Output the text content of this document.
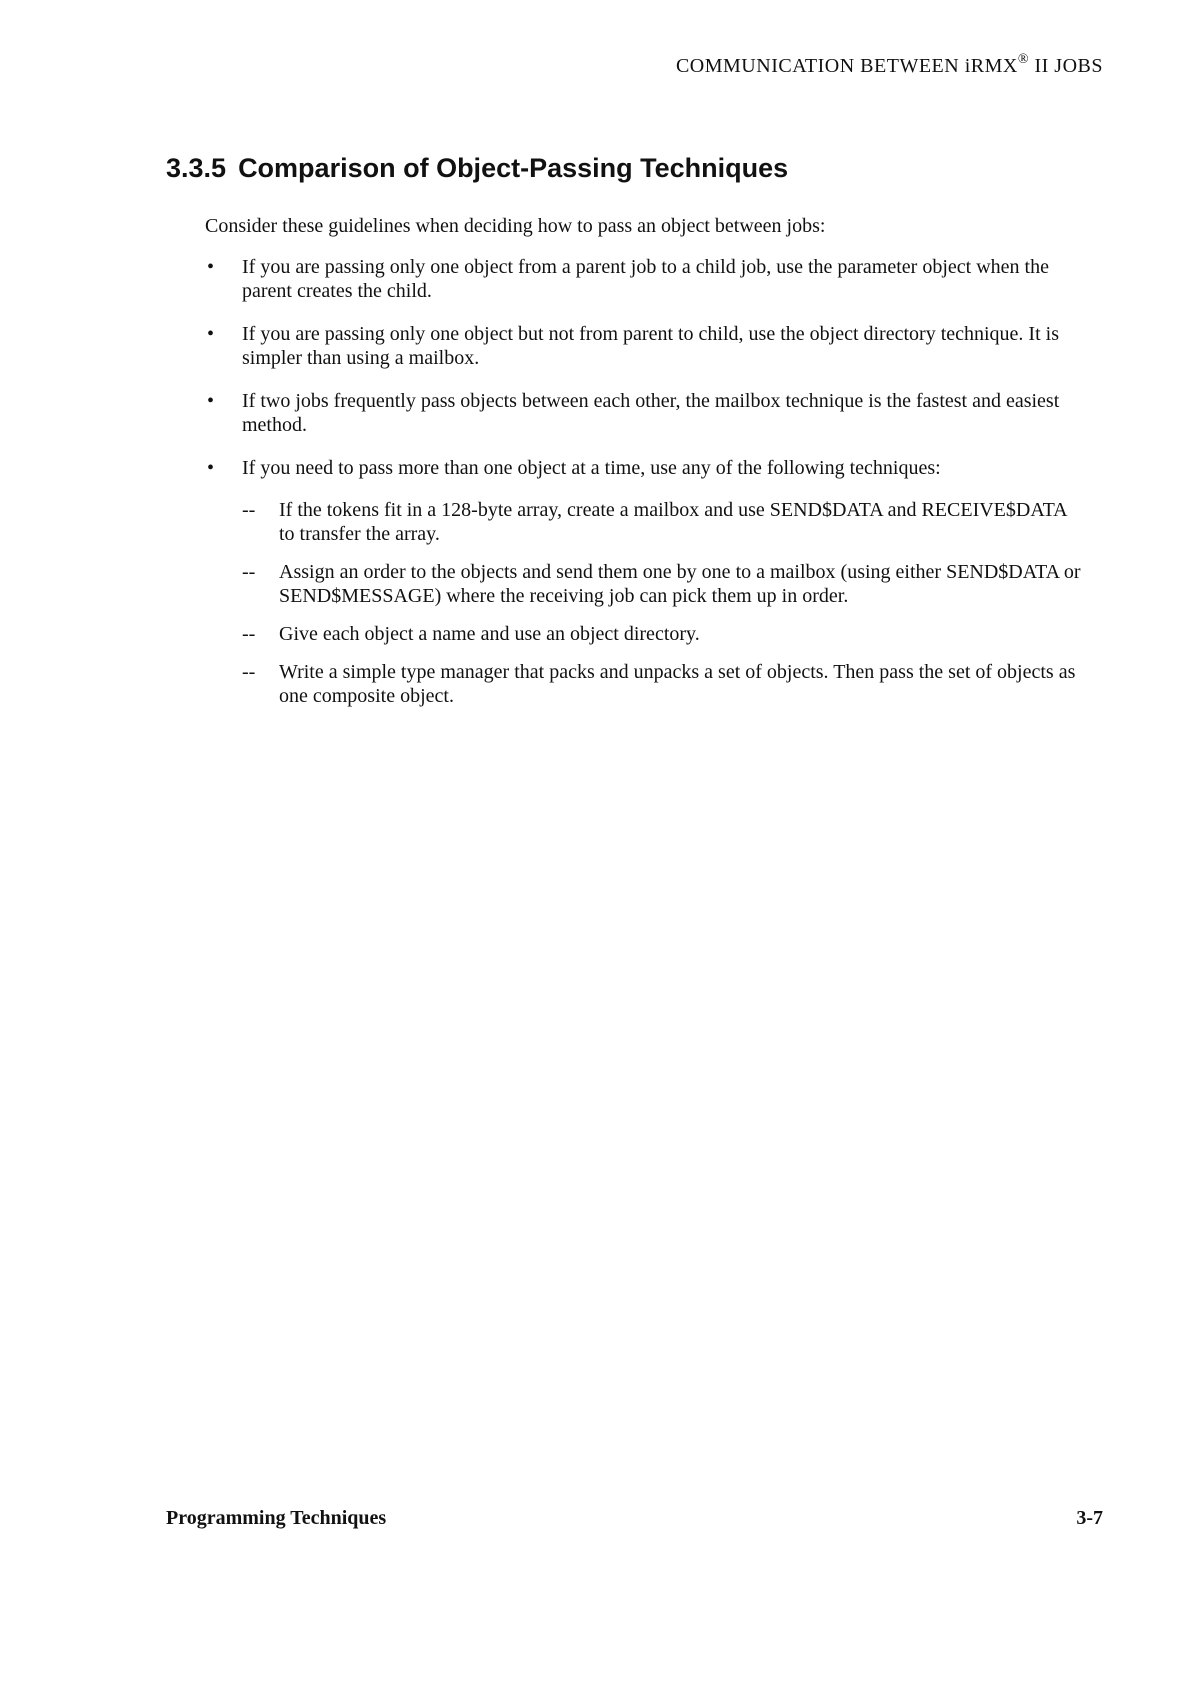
COMMUNICATION BETWEEN iRMX® II JOBS
3.3.5 Comparison of Object-Passing Techniques

Consider these guidelines when deciding how to pass an object between jobs:

• If you are passing only one object from a parent job to a child job, use the parameter object when the parent creates the child.
• If you are passing only one object but not from parent to child, use the object directory technique. It is simpler than using a mailbox.
• If two jobs frequently pass objects between each other, the mailbox technique is the fastest and easiest method.
• If you need to pass more than one object at a time, use any of the following techniques:
-- If the tokens fit in a 128-byte array, create a mailbox and use SEND$DATA and RECEIVE$DATA to transfer the array.
-- Assign an order to the objects and send them one by one to a mailbox (using either SEND$DATA or SEND$MESSAGE) where the receiving job can pick them up in order.
-- Give each object a name and use an object directory.
-- Write a simple type manager that packs and unpacks a set of objects. Then pass the set of objects as one composite object.
Programming Techniques	3-7
